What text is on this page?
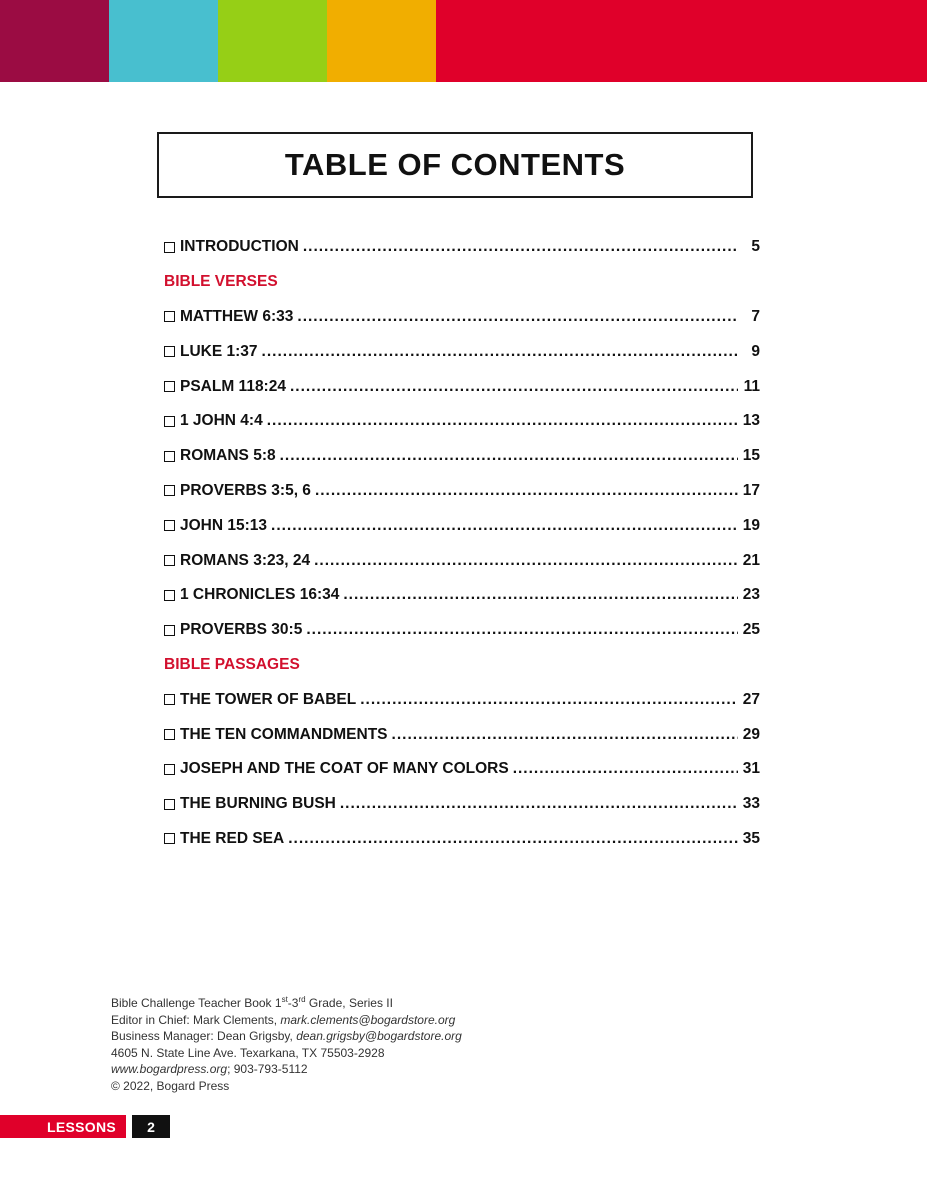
TABLE OF CONTENTS
INTRODUCTION .....	5
BIBLE VERSES
MATTHEW 6:33 .....	7
LUKE 1:37 .....	9
PSALM 118:24 .....	11
1 JOHN 4:4 .....	13
ROMANS 5:8 .....	15
PROVERBS 3:5, 6 .....	17
JOHN 15:13 .....	19
ROMANS 3:23, 24 .....	21
1 CHRONICLES 16:34 .....	23
PROVERBS 30:5 .....	25
BIBLE PASSAGES
THE TOWER OF BABEL .....	27
THE TEN COMMANDMENTS .....	29
JOSEPH AND THE COAT OF MANY COLORS .....	31
THE BURNING BUSH .....	33
THE RED SEA .....	35
Bible Challenge Teacher Book 1st-3rd Grade, Series II
Editor in Chief: Mark Clements, mark.clements@bogardstore.org
Business Manager: Dean Grigsby, dean.grigsby@bogardstore.org
4605 N. State Line Ave. Texarkana, TX 75503-2928
www.bogardpress.org; 903-793-5112
© 2022, Bogard Press
LESSONS	2
